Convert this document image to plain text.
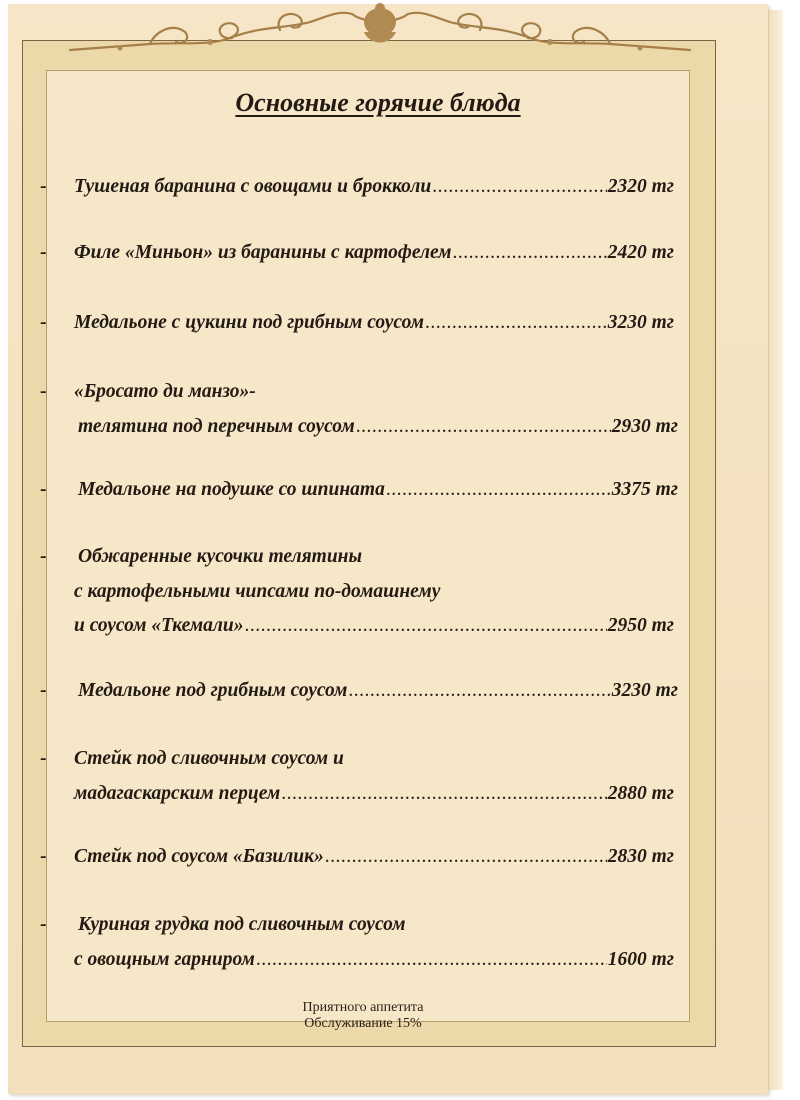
Основные горячие блюда
-	Тушеная баранина с овощами и брокколи .....	2320 тг
-	Филе «Миньон» из баранины с картофелем .....	2420 тг
-	Медальоне с цукини под грибным соусом .....	3230 тг
-	«Бросато ди манзо»-
телятина под перечным соусом .....	2930 тг
-	Медальоне на подушке со шпината .....	3375 тг
-	Обжаренные кусочки телятины
с картофельными чипсами по-домашнему
и соусом «Ткемали» .....	2950 тг
-	Медальоне под грибным соусом .....	3230 тг
-	Стейк под сливочным соусом и
мадагаскарским перцем .....	2880 тг
-	Стейк под соусом «Базилик» .....	2830 тг
-	Куриная грудка под сливочным соусом
с овощным гарниром .....	1600 тг
Приятного аппетита
Обслуживание 15%
